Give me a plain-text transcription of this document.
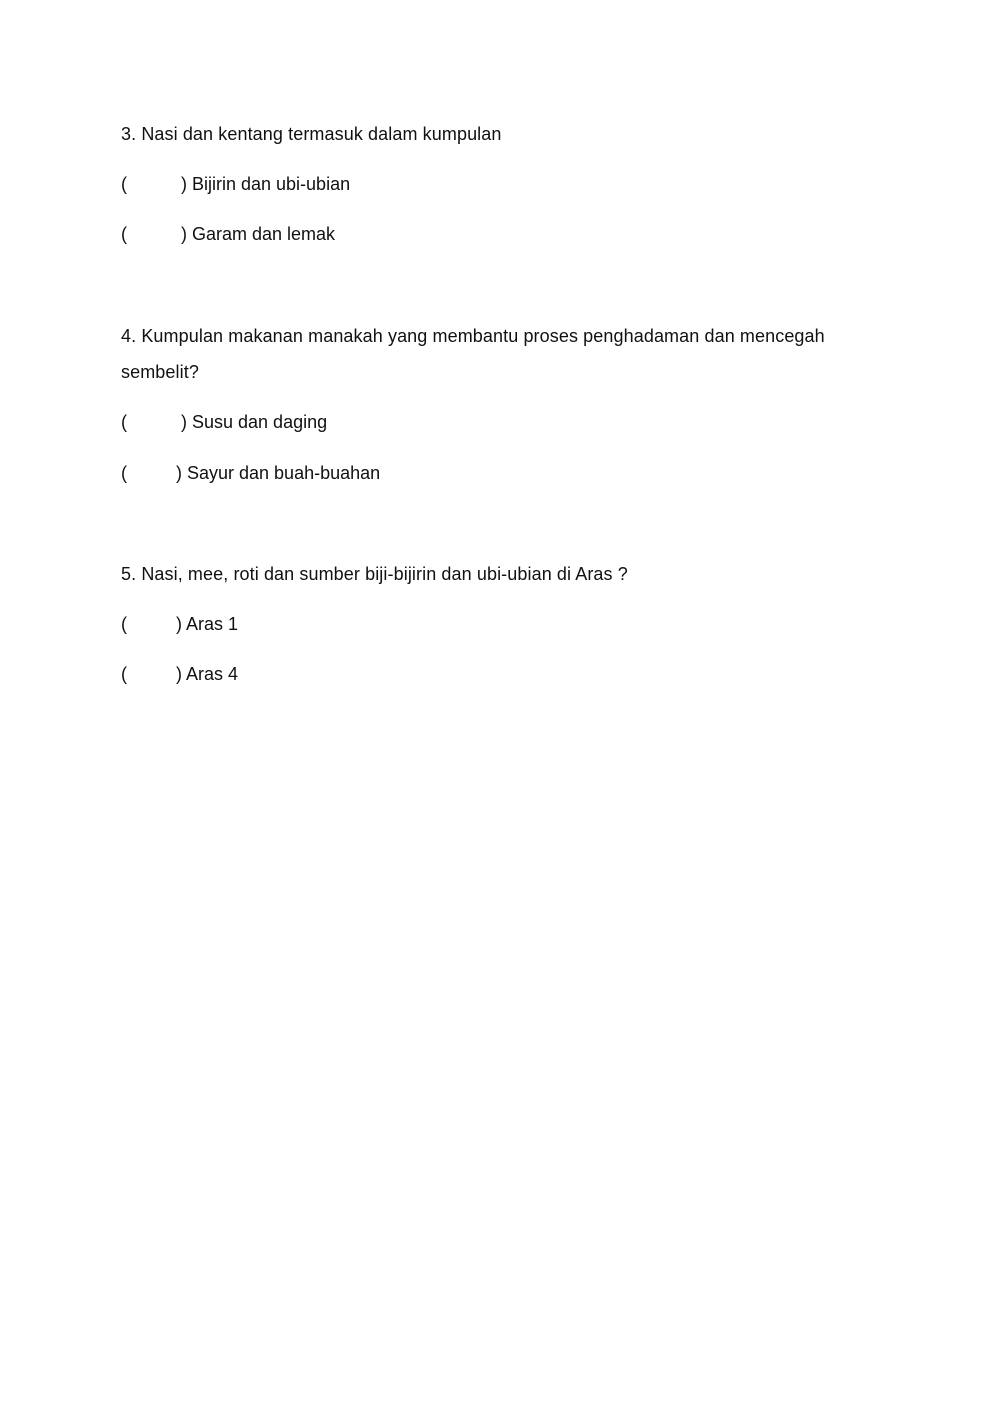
3. Nasi dan kentang termasuk dalam kumpulan
(	) Bijirin dan ubi-ubian
(	) Garam dan lemak
4. Kumpulan makanan manakah yang membantu proses penghadaman dan mencegah
sembelit?
(	) Susu dan daging
(	) Sayur dan buah-buahan
5. Nasi, mee, roti dan sumber biji-bijirin dan ubi-ubian di Aras ?
(	) Aras 1
(	) Aras 4
